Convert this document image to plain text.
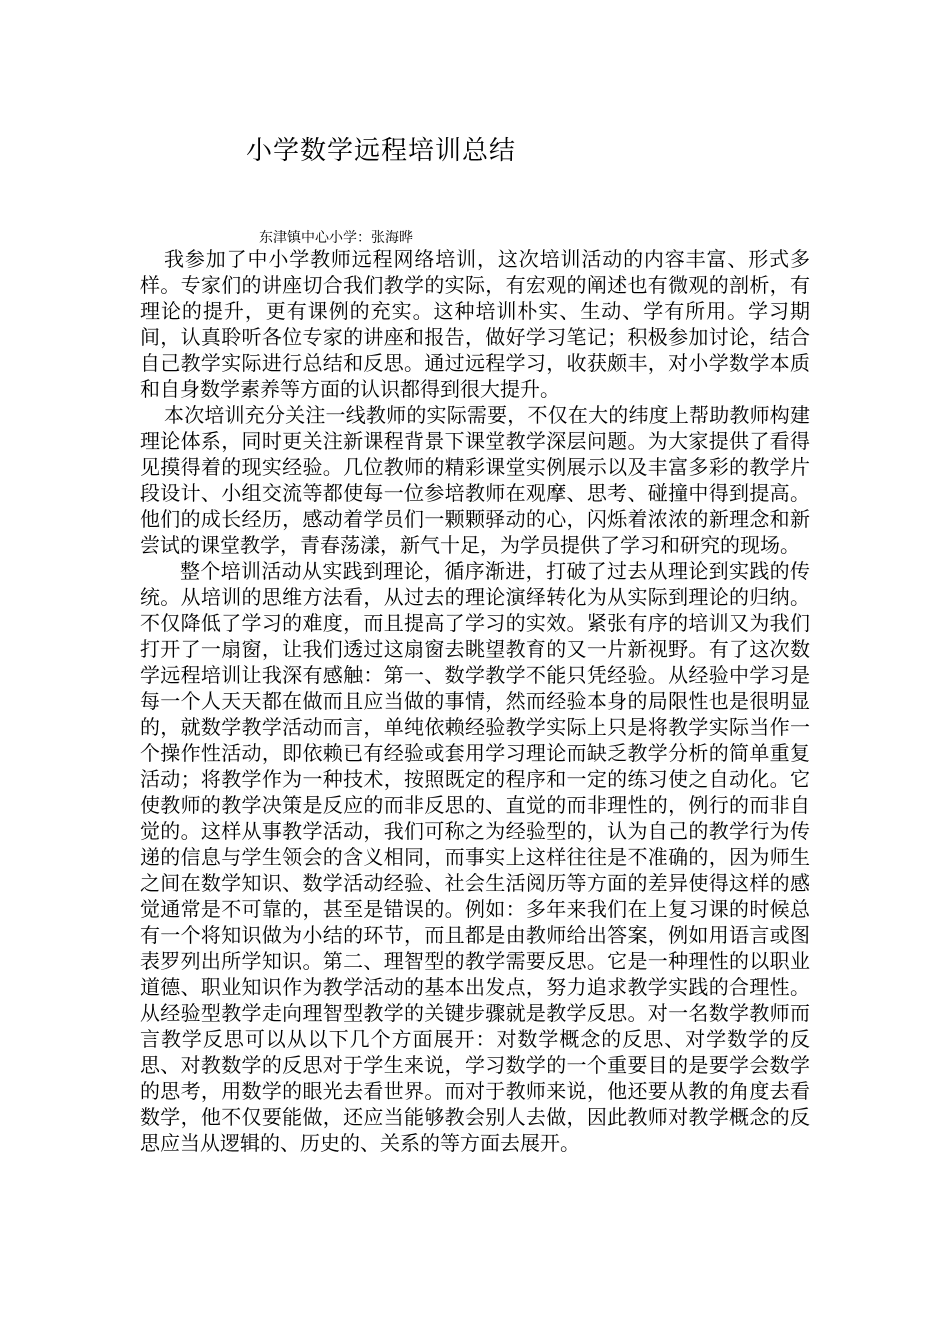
小学数学远程培训总结
东津镇中心小学：张海晔

我参加了中小学教师远程网络培训，这次培训活动的内容丰富、形式多样。专家们的讲座切合我们教学的实际，有宏观的阐述也有微观的剖析，有理论的提升，更有课例的充实。这种培训朴实、生动、学有所用。学习期间，认真聆听各位专家的讲座和报告，做好学习笔记；积极参加讨论，结合自己教学实际进行总结和反思。通过远程学习，收获颇丰，对小学数学本质和自身数学素养等方面的认识都得到很大提升。

本次培训充分关注一线教师的实际需要，不仅在大的纬度上帮助教师构建理论体系，同时更关注新课程背景下课堂教学深层问题。为大家提供了看得见摸得着的现实经验。几位教师的精彩课堂实例展示以及丰富多彩的教学片段设计、小组交流等都使每一位参培教师在观摩、思考、碰撞中得到提高。他们的成长经历，感动着学员们一颗颗驿动的心，闪烁着浓浓的新理念和新尝试的课堂教学，青春荡漾，新气十足，为学员提供了学习和研究的现场。

整个培训活动从实践到理论，循序渐进，打破了过去从理论到实践的传统。从培训的思维方法看，从过去的理论演绎转化为从实际到理论的归纳。不仅降低了学习的难度，而且提高了学习的实效。紧张有序的培训又为我们打开了一扇窗，让我们透过这扇窗去眺望教育的又一片新视野。有了这次数学远程培训让我深有感触：第一、数学教学不能只凭经验。从经验中学习是每一个人天天都在做而且应当做的事情，然而经验本身的局限性也是很明显的，就数学教学活动而言，单纯依赖经验教学实际上只是将教学实际当作一个操作性活动，即依赖已有经验或套用学习理论而缺乏教学分析的简单重复活动；将教学作为一种技术，按照既定的程序和一定的练习使之自动化。它使教师的教学决策是反应的而非反思的、直觉的而非理性的，例行的而非自觉的。这样从事教学活动，我们可称之为经验型的，认为自己的教学行为传递的信息与学生领会的含义相同，而事实上这样往往是不准确的，因为师生之间在数学知识、数学活动经验、社会生活阅历等方面的差异使得这样的感觉通常是不可靠的，甚至是错误的。例如：多年来我们在上复习课的时候总有一个将知识做为小结的环节，而且都是由教师给出答案，例如用语言或图表罗列出所学知识。第二、理智型的教学需要反思。它是一种理性的以职业道德、职业知识作为教学活动的基本出发点，努力追求教学实践的合理性。从经验型教学走向理智型教学的关键步骤就是教学反思。对一名数学教师而言教学反思可以从以下几个方面展开：对数学概念的反思、对学数学的反思、对教数学的反思对于学生来说，学习数学的一个重要目的是要学会数学的思考，用数学的眼光去看世界。而对于教师来说，他还要从教的角度去看数学，他不仅要能做，还应当能够教会别人去做，因此教师对教学概念的反思应当从逻辑的、历史的、关系的等方面去展开。
